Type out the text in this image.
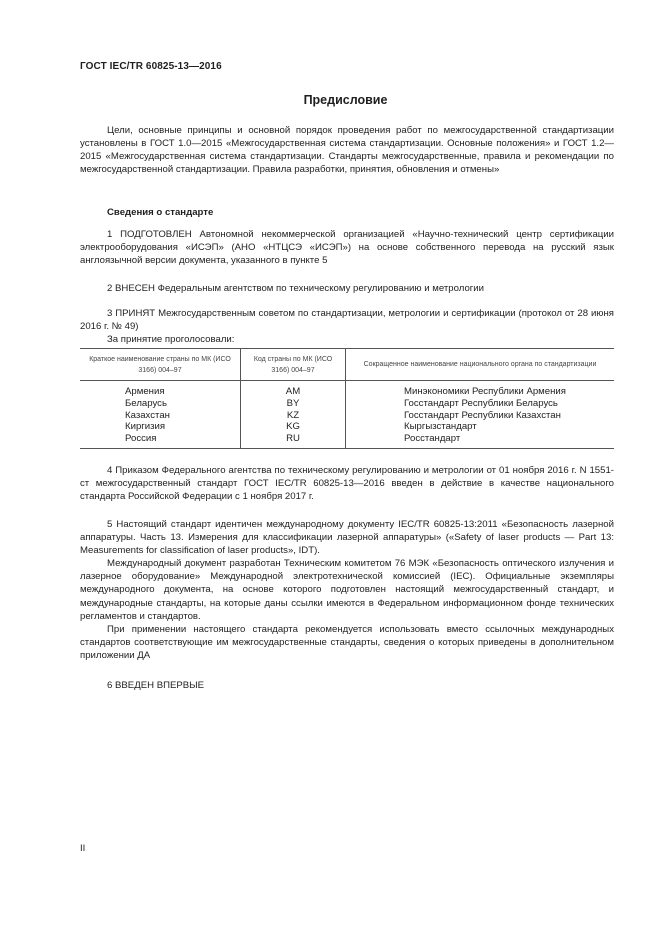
ГОСТ IEC/TR 60825-13—2016
Предисловие

Цели, основные принципы и основной порядок проведения работ по межгосударственной стандартизации установлены в ГОСТ 1.0—2015 «Межгосударственная система стандартизации. Основные положения» и ГОСТ 1.2—2015 «Межгосударственная система стандартизации. Стандарты межгосударственные, правила и рекомендации по межгосударственной стандартизации. Правила разработки, принятия, обновления и отмены»

Сведения о стандарте

1 ПОДГОТОВЛЕН Автономной некоммерческой организацией «Научно-технический центр сертификации электрооборудования «ИСЭП» (АНО «НТЦСЭ «ИСЭП») на основе собственного перевода на русский язык англоязычной версии документа, указанного в пункте 5

2 ВНЕСЕН Федеральным агентством по техническому регулированию и метрологии

3 ПРИНЯТ Межгосударственным советом по стандартизации, метрологии и сертификации (протокол от 28 июня 2016 г. № 49)

За принятие проголосовали:

Краткое наименование страны по МК (ИСО 3166) 004–97	Код страны по МК (ИСО 3166) 004–97	Сокращенное наименование национального органа по стандартизации
Армения	AM	Минэкономики Республики Армения
Беларусь	BY	Госстандарт Республики Беларусь
Казахстан	KZ	Госстандарт Республики Казахстан
Киргизия	KG	Кыргызстандарт
Россия	RU	Росстандарт

4 Приказом Федерального агентства по техническому регулированию и метрологии от 01 ноября 2016 г. N 1551-ст межгосударственный стандарт ГОСТ IEC/TR 60825-13—2016 введен в действие в качестве национального стандарта Российской Федерации с 1 ноября 2017 г.

5 Настоящий стандарт идентичен международному документу IEC/TR 60825-13:2011 «Безопасность лазерной аппаратуры. Часть 13. Измерения для классификации лазерной аппаратуры» («Safety of laser products — Part 13: Measurements for classification of laser products», IDT).

Международный документ разработан Техническим комитетом 76 МЭК «Безопасность оптического излучения и лазерное оборудование» Международной электротехнической комиссией (IEC). Официальные экземпляры международного документа, на основе которого подготовлен настоящий межгосударственный стандарт, и международные стандарты, на которые даны ссылки имеются в Федеральном информационном фонде технических регламентов и стандартов.

При применении настоящего стандарта рекомендуется использовать вместо ссылочных международных стандартов соответствующие им межгосударственные стандарты, сведения о которых приведены в дополнительном приложении ДА

6 ВВЕДЕН ВПЕРВЫЕ

II
